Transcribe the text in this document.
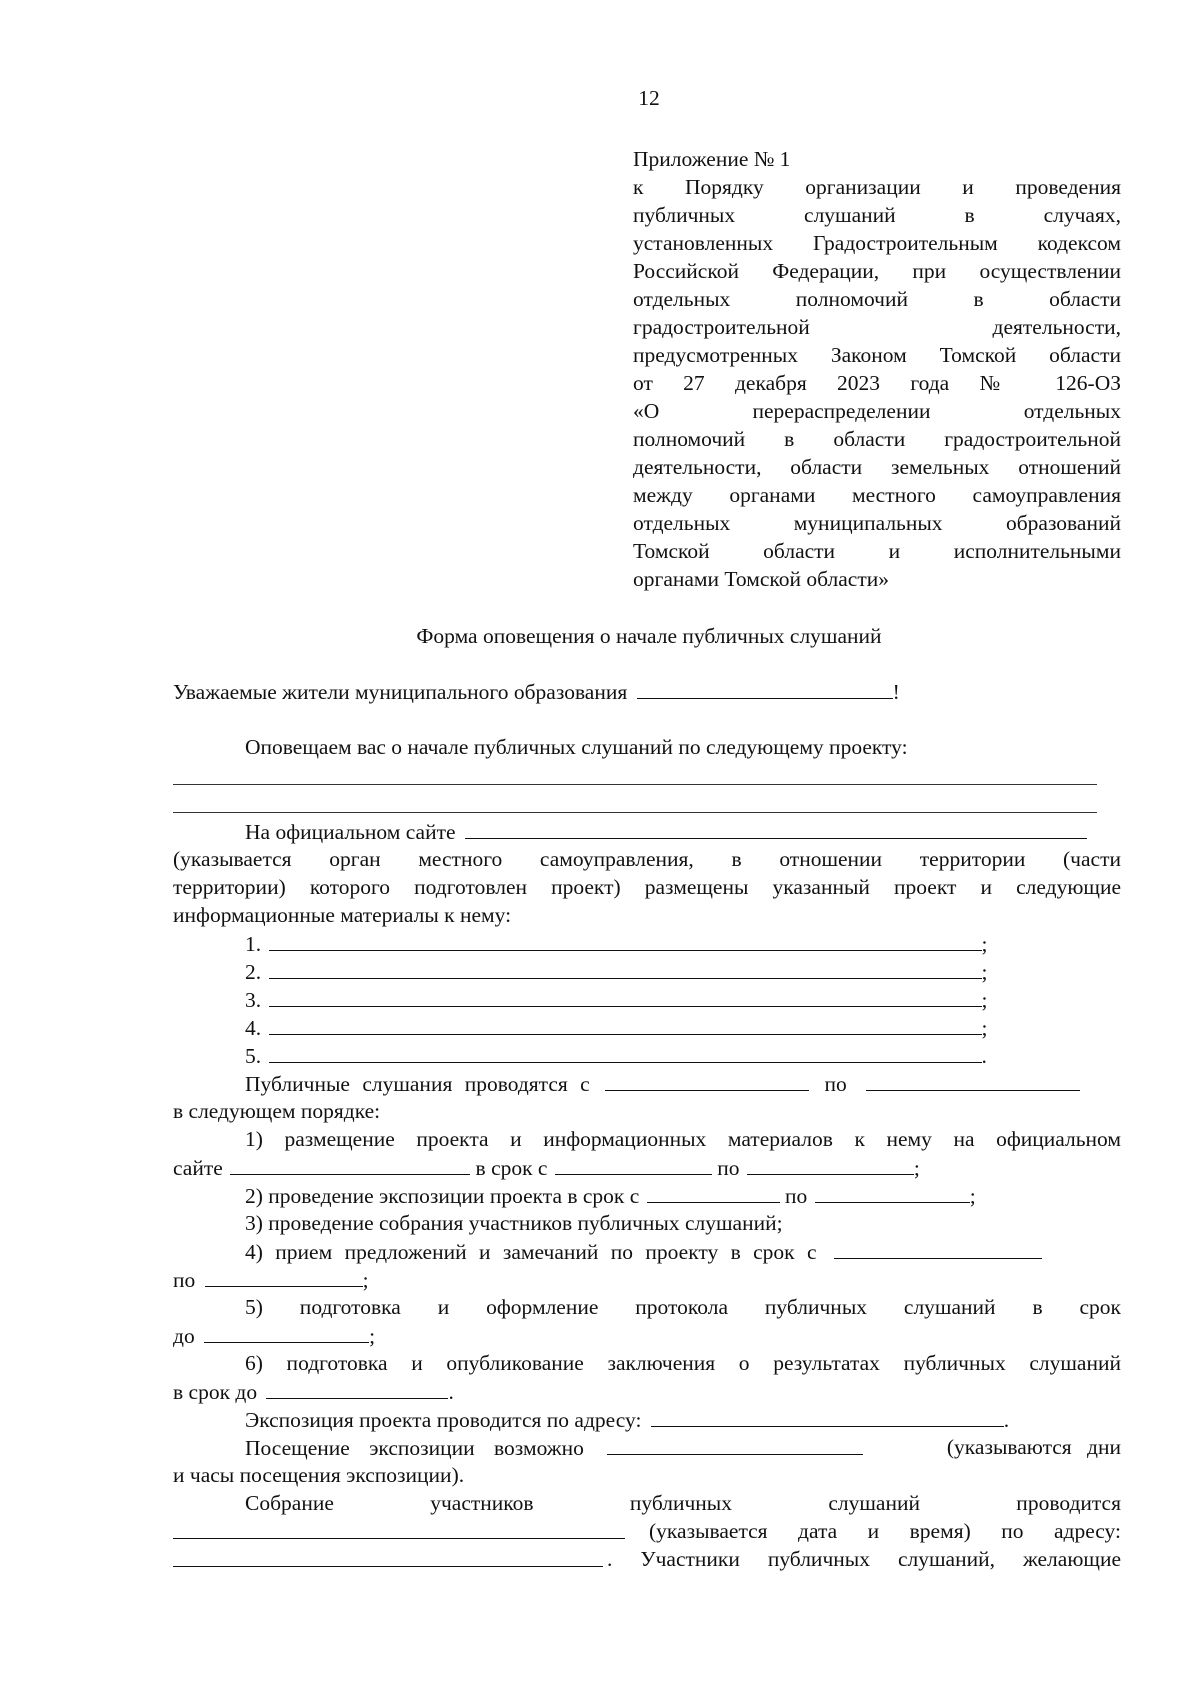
12
Приложение № 1
к Порядку организации и проведения
публичных слушаний в случаях,
установленных Градостроительным кодексом
Российской Федерации, при осуществлении
отдельных полномочий в области
градостроительной деятельности,
предусмотренных Законом Томской области
от 27 декабря 2023 года № 126-ОЗ
«О перераспределении отдельных
полномочий в области градостроительной
деятельности, области земельных отношений
между органами местного самоуправления
отдельных муниципальных образований
Томской области и исполнительными
органами Томской области»
Форма оповещения о начале публичных слушаний
Уважаемые жители муниципального образования	!
Оповещаем вас о начале публичных слушаний по следующему проекту:
На официальном сайте
(указывается орган местного самоуправления, в отношении территории (части
территории) которого подготовлен проект) размещены указанный проект и следующие
информационные материалы к нему:
1.	;
2.	;
3.	;
4.	;
5.	.
Публичные слушания проводятся с	по
в следующем порядке:
1) размещение проекта и информационных материалов к нему на официальном
сайте	в срок с	по	;
2) проведение экспозиции проекта в срок с	по	;
3) проведение собрания участников публичных слушаний;
4) прием предложений и замечаний по проекту в срок с
по	;
5) подготовка и оформление протокола публичных слушаний в срок
до	;
6) подготовка и опубликование заключения о результатах публичных слушаний
в срок до	.
Экспозиция проекта проводится по адресу:	.
Посещение экспозиции возможно	(указываются дни
и часы посещения экспозиции).
Собрание участников публичных слушаний проводится
(указывается дата и время) по адресу:
. Участники публичных слушаний, желающие
